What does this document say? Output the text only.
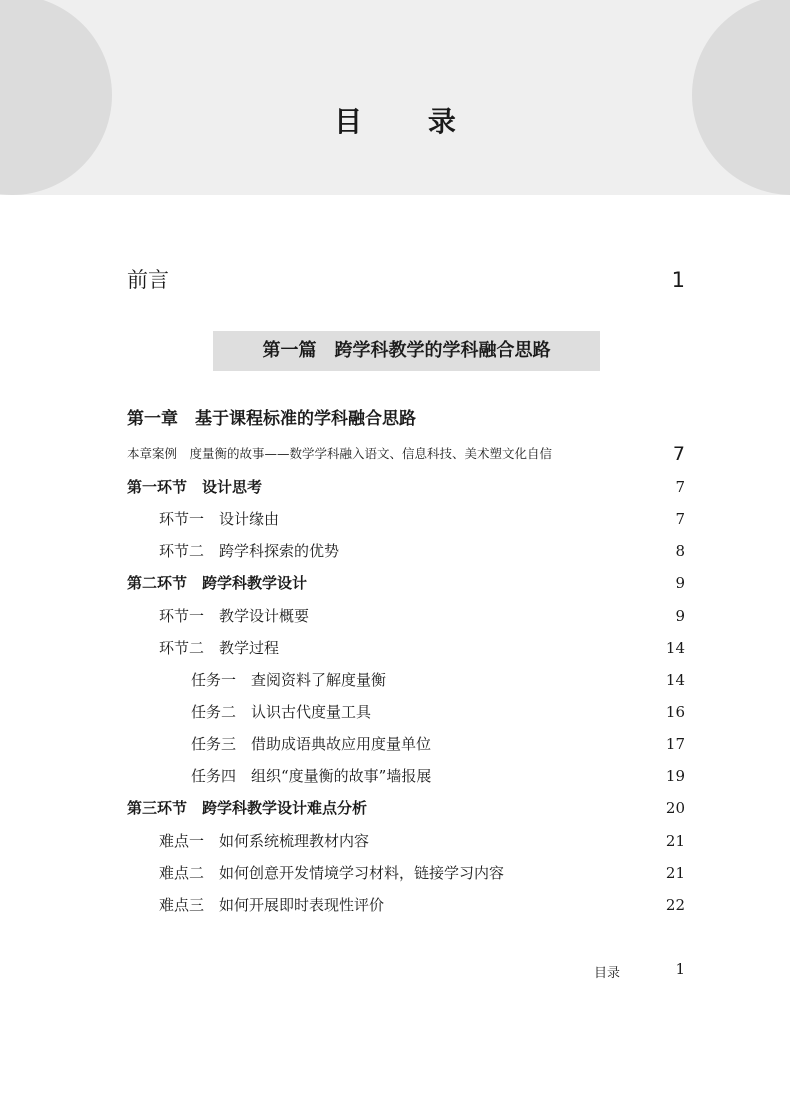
目 录
前言	1
第一篇　跨学科教学的学科融合思路
第一章　基于课程标准的学科融合思路
本章案例　度量衡的故事——数学学科融入语文、信息科技、美术塑文化自信	7
第一环节　设计思考	7
环节一　设计缘由	7
环节二　跨学科探索的优势	8
第二环节　跨学科教学设计	9
环节一　教学设计概要	9
环节二　教学过程	14
任务一　查阅资料了解度量衡	14
任务二　认识古代度量工具	16
任务三　借助成语典故应用度量单位	17
任务四　组织“度量衡的故事”墙报展	19
第三环节　跨学科教学设计难点分析	20
难点一　如何系统梳理教材内容	21
难点二　如何创意开发情境学习材料，链接学习内容	21
难点三　如何开展即时表现性评价	22
目录	1
